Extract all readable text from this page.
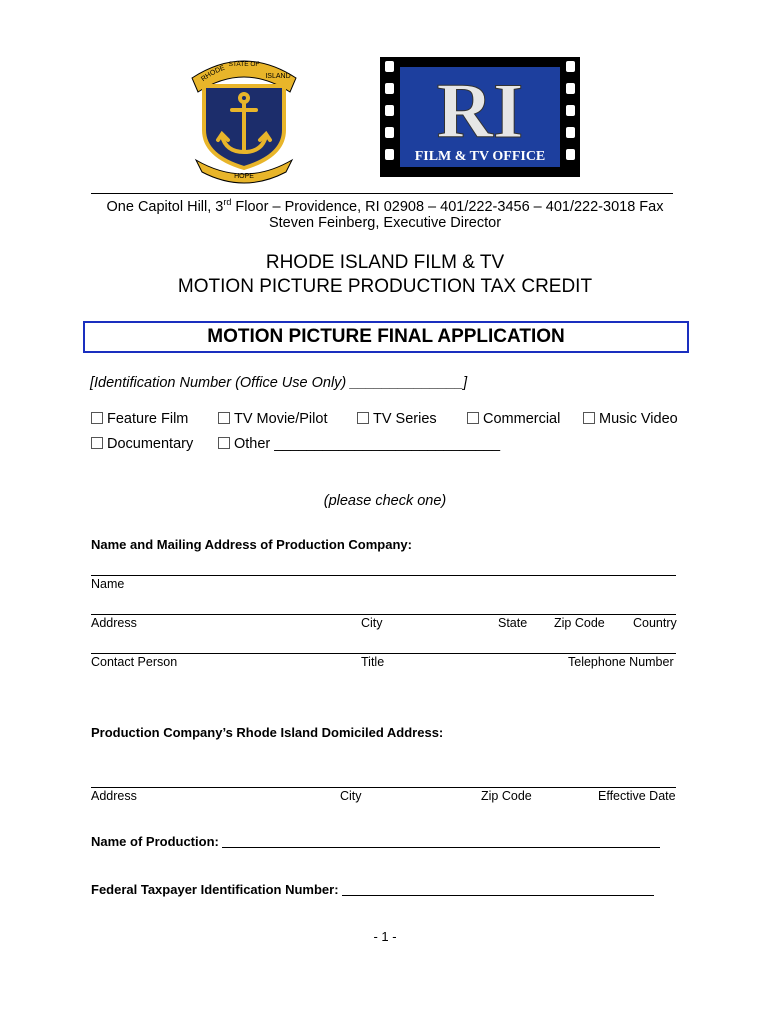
RHODE
STATE OF
ISLAND
HOPE
RI
FILM & TV OFFICE
One Capitol Hill, 3rd Floor – Providence, RI 02908 – 401/222-3456 – 401/222-3018 Fax
Steven Feinberg, Executive Director
RHODE ISLAND FILM & TV
MOTION PICTURE PRODUCTION TAX CREDIT
MOTION PICTURE FINAL APPLICATION
[Identification Number (Office Use Only) ______________]
Feature Film	TV Movie/Pilot	TV Series	Commercial	Music Video
Documentary	Other ____________________________
(please check one)
Name and Mailing Address of Production Company:
Name
Address	City	State Zip Code Country
Contact Person	Title	Telephone Number
Production Company’s Rhode Island Domiciled Address:
Address	City	Zip Code	Effective Date
Name of Production:
Federal Taxpayer Identification Number:
- 1 -
